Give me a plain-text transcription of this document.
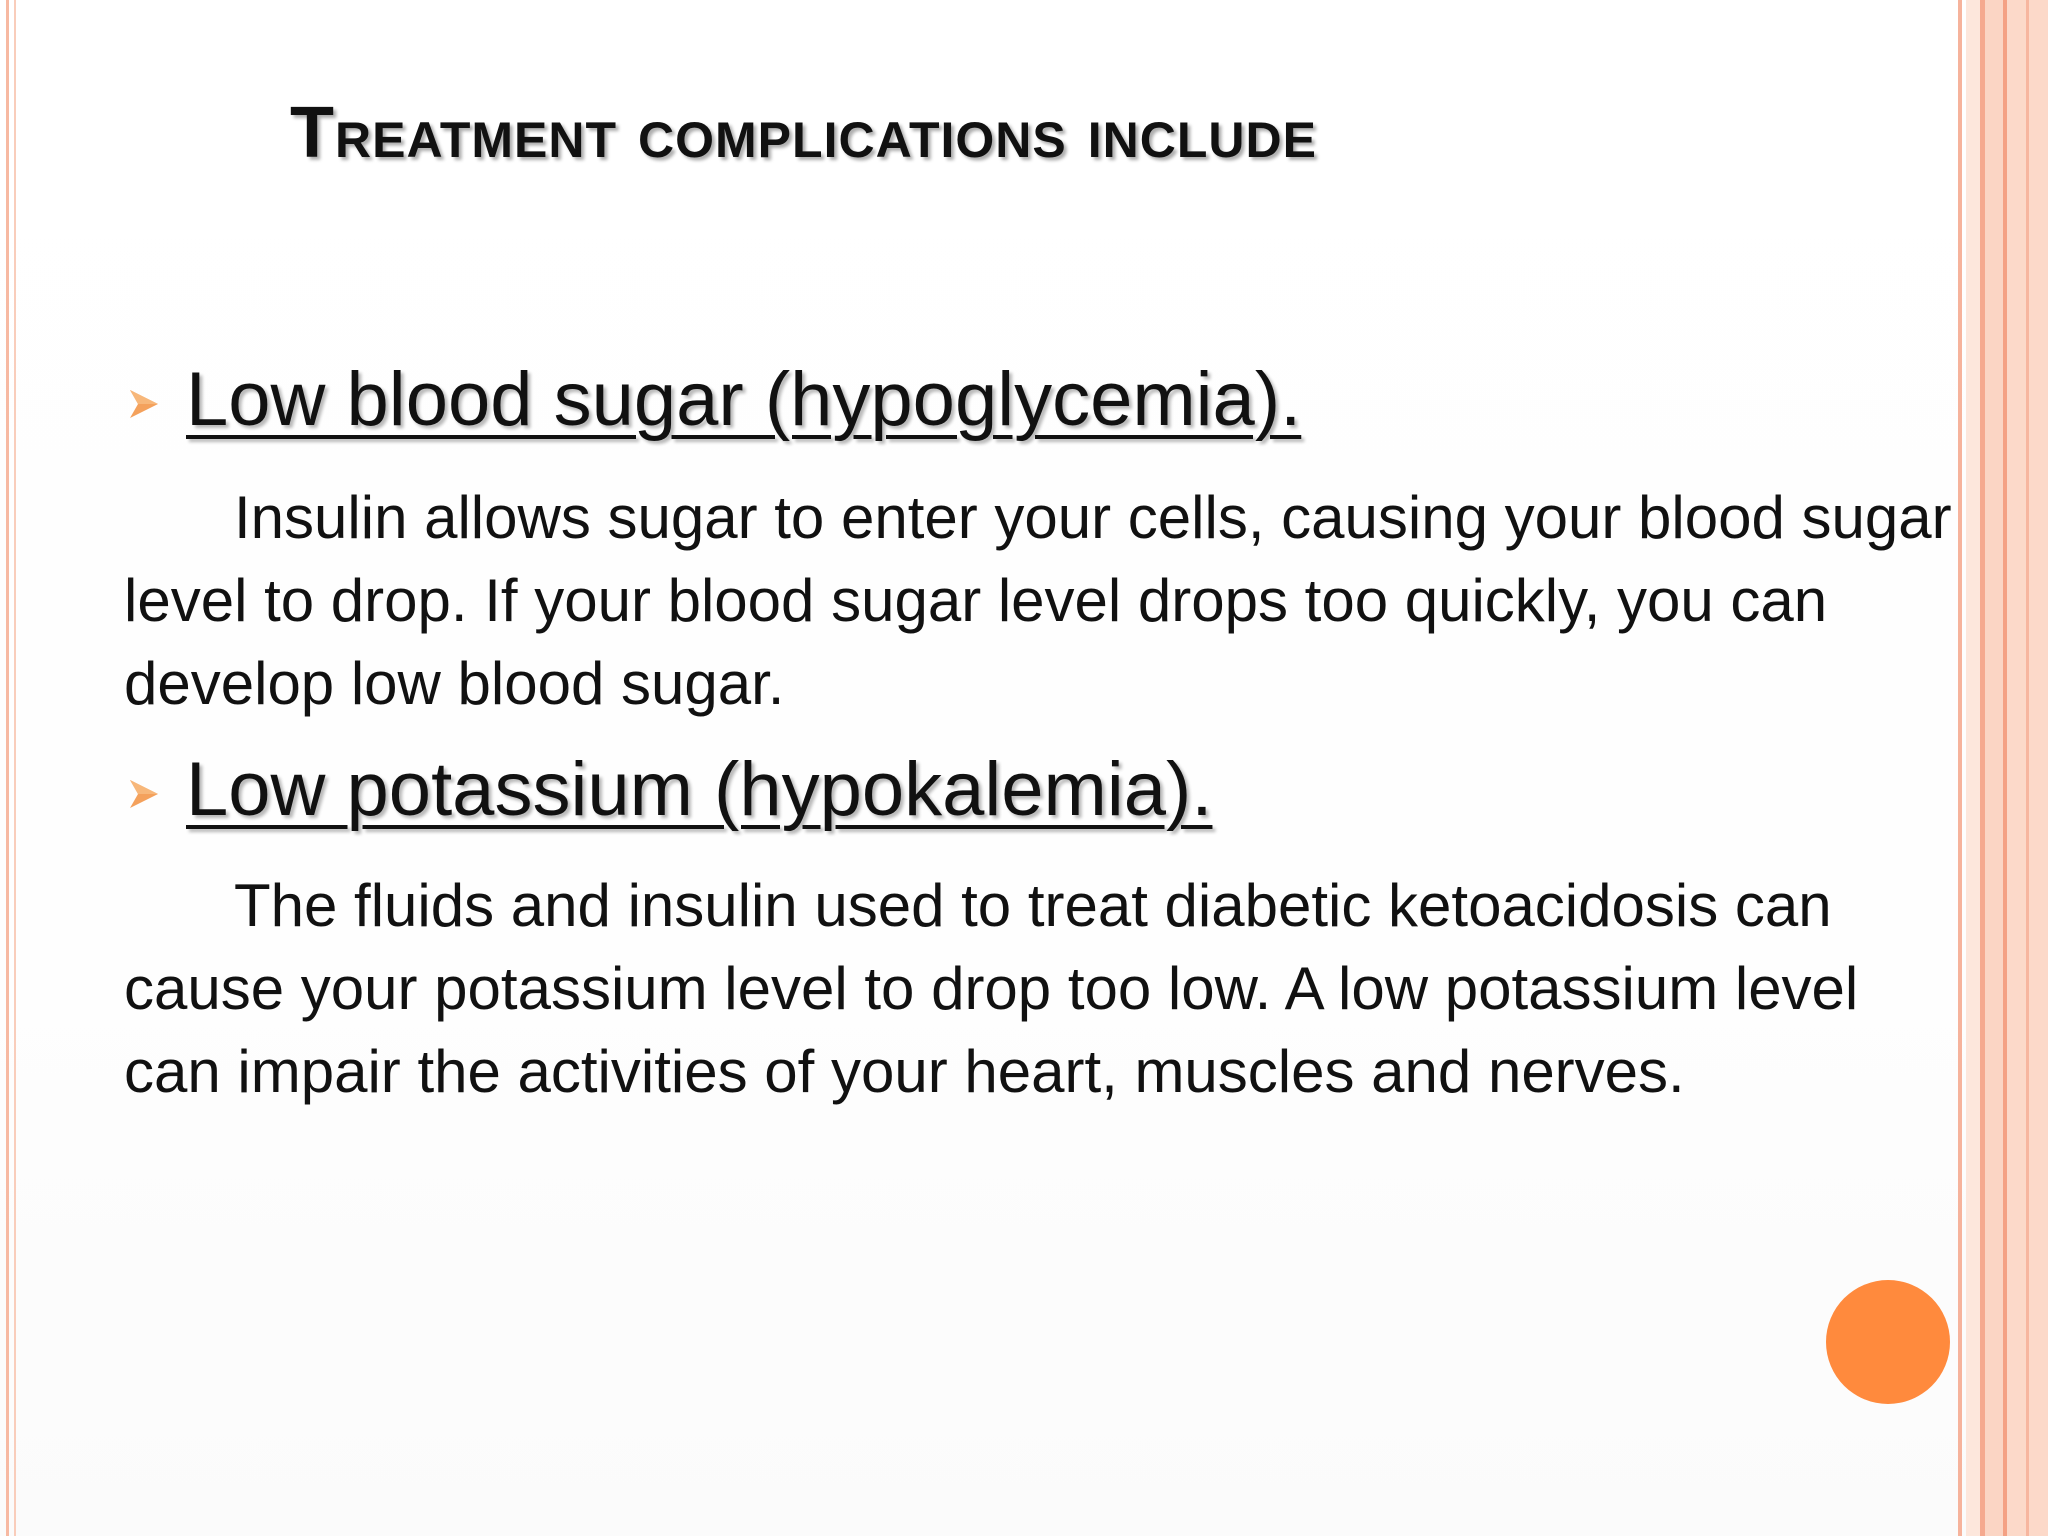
Treatment complications include
Low blood sugar (hypoglycemia).

Insulin allows sugar to enter your cells, causing your blood sugar level to drop. If your blood sugar level drops too quickly, you can develop low blood sugar.

Low potassium (hypokalemia).

The fluids and insulin used to treat diabetic ketoacidosis can cause your potassium level to drop too low. A low potassium level can impair the activities of your heart, muscles and nerves.
